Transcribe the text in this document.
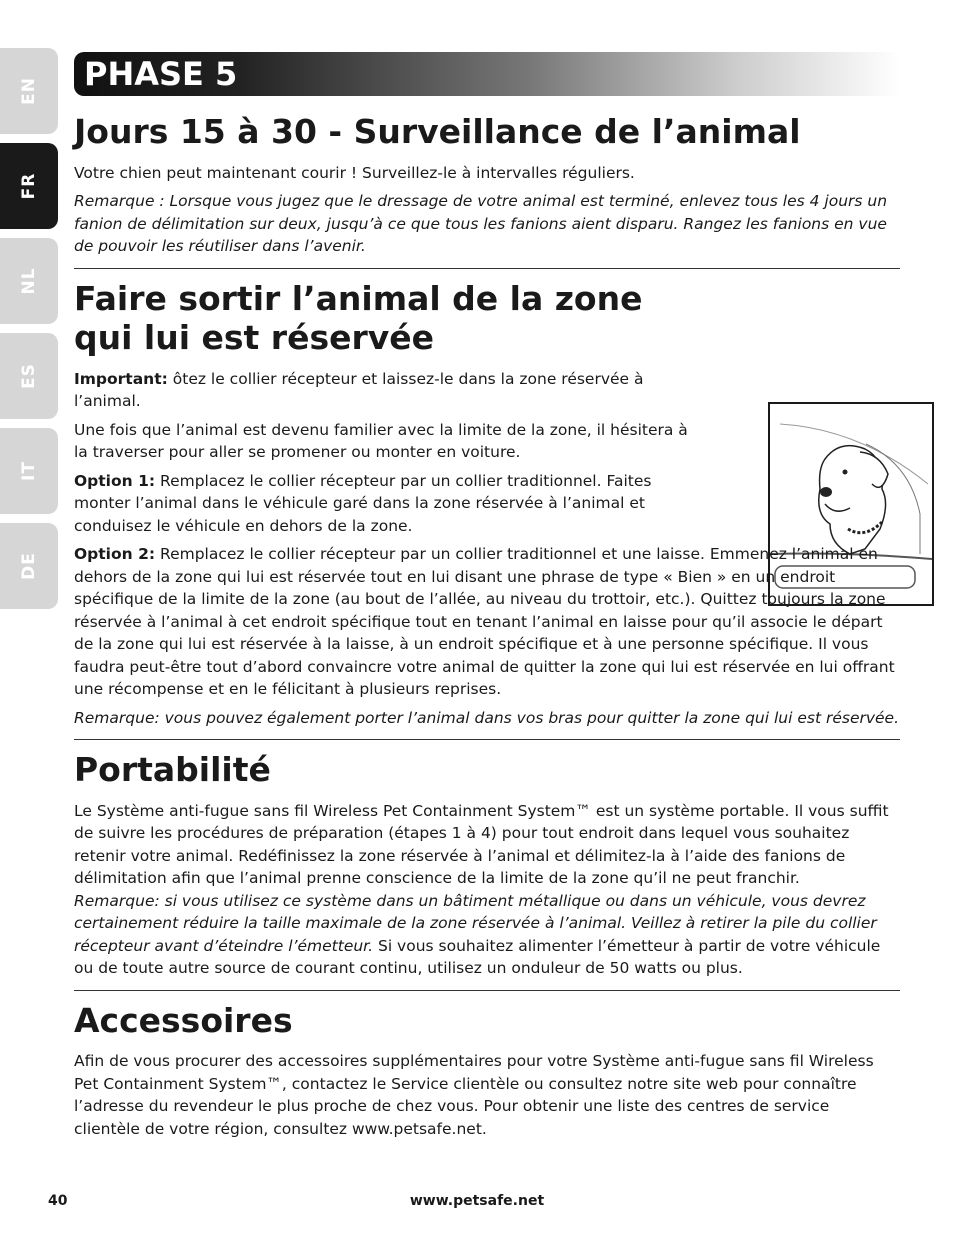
EN
FR
NL
ES
IT
DE
PHASE 5
Jours 15 à 30 - Surveillance de l’animal

Votre chien peut maintenant courir ! Surveillez-le à intervalles réguliers.

Remarque : Lorsque vous jugez que le dressage de votre animal est terminé, enlevez tous les 4 jours un fanion de délimitation sur deux, jusqu’à ce que tous les fanions aient disparu. Rangez les fanions en vue de pouvoir les réutiliser dans l’avenir.

Faire sortir l’animal de la zone qui lui est réservée

Important: ôtez le collier récepteur et laissez-le dans la zone réservée à l’animal.

Une fois que l’animal est devenu familier avec la limite de la zone, il hésitera à la traverser pour aller se promener ou monter en voiture.

Option 1: Remplacez le collier récepteur par un collier traditionnel. Faites monter l’animal dans le véhicule garé dans la zone réservée à l’animal et conduisez le véhicule en dehors de la zone.

Option 2: Remplacez le collier récepteur par un collier traditionnel et une laisse. Emmenez l’animal en dehors de la zone qui lui est réservée tout en lui disant une phrase de type « Bien » en un endroit spécifique de la limite de la zone (au bout de l’allée, au niveau du trottoir, etc.). Quittez toujours la zone réservée à l’animal à cet endroit spécifique tout en tenant l’animal en laisse pour qu’il associe le départ de la zone qui lui est réservée à la laisse, à un endroit spécifique et à une personne spécifique. Il vous faudra peut-être tout d’abord convaincre votre animal de quitter la zone qui lui est réservée en lui offrant une récompense et en le félicitant à plusieurs reprises.

Remarque: vous pouvez également porter l’animal dans vos bras pour quitter la zone qui lui est réservée.

Portabilité

Le Système anti-fugue sans fil Wireless Pet Containment System™ est un système portable. Il vous suffit de suivre les procédures de préparation (étapes 1 à 4) pour tout endroit dans lequel vous souhaitez retenir votre animal. Redéfinissez la zone réservée à l’animal et délimitez-la à l’aide des fanions de délimitation afin que l’animal prenne conscience de la limite de la zone qu’il ne peut franchir.
Remarque: si vous utilisez ce système dans un bâtiment métallique ou dans un véhicule, vous devrez certainement réduire la taille maximale de la zone réservée à l’animal. Veillez à retirer la pile du collier récepteur avant d’éteindre l’émetteur. Si vous souhaitez alimenter l’émetteur à partir de votre véhicule ou de toute autre source de courant continu, utilisez un onduleur de 50 watts ou plus.

Accessoires

Afin de vous procurer des accessoires supplémentaires pour votre Système anti-fugue sans fil Wireless Pet Containment System™, contactez le Service clientèle ou consultez notre site web pour connaître l’adresse du revendeur le plus proche de chez vous. Pour obtenir une liste des centres de service clientèle de votre région, consultez www.petsafe.net.

40	www.petsafe.net
